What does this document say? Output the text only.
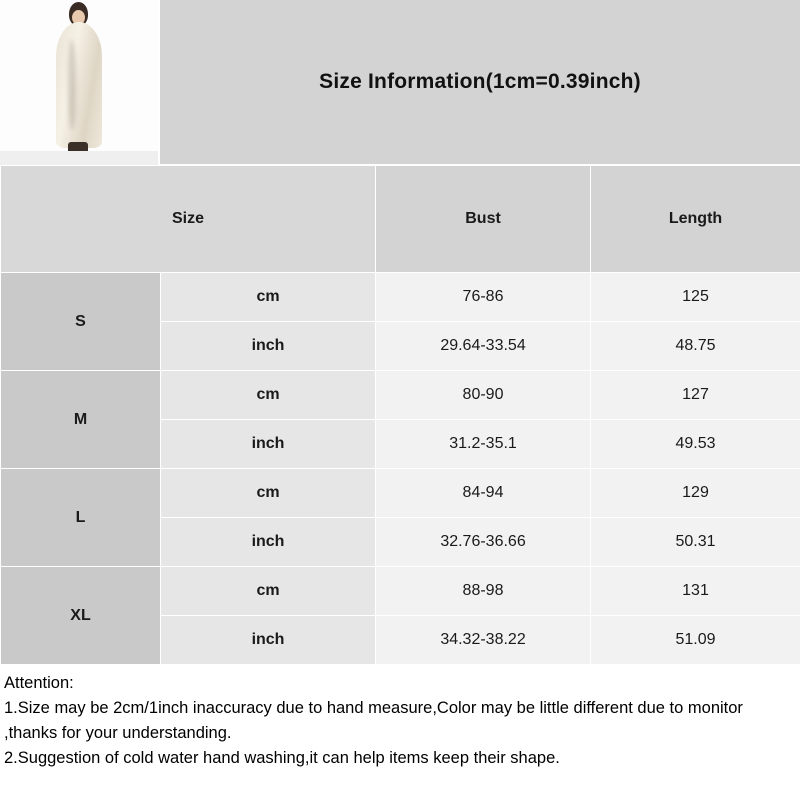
Size Information(1cm=0.39inch)
Size		Bust	Length
S	cm	76-86	125
	inch	29.64-33.54	48.75
M	cm	80-90	127
	inch	31.2-35.1	49.53
L	cm	84-94	129
	inch	32.76-36.66	50.31
XL	cm	88-98	131
	inch	34.32-38.22	51.09
Attention:
1.Size may be 2cm/1inch inaccuracy due to hand measure,Color may be little different due to monitor ,thanks for your understanding.
2.Suggestion of cold water hand washing,it can help items keep their shape.
